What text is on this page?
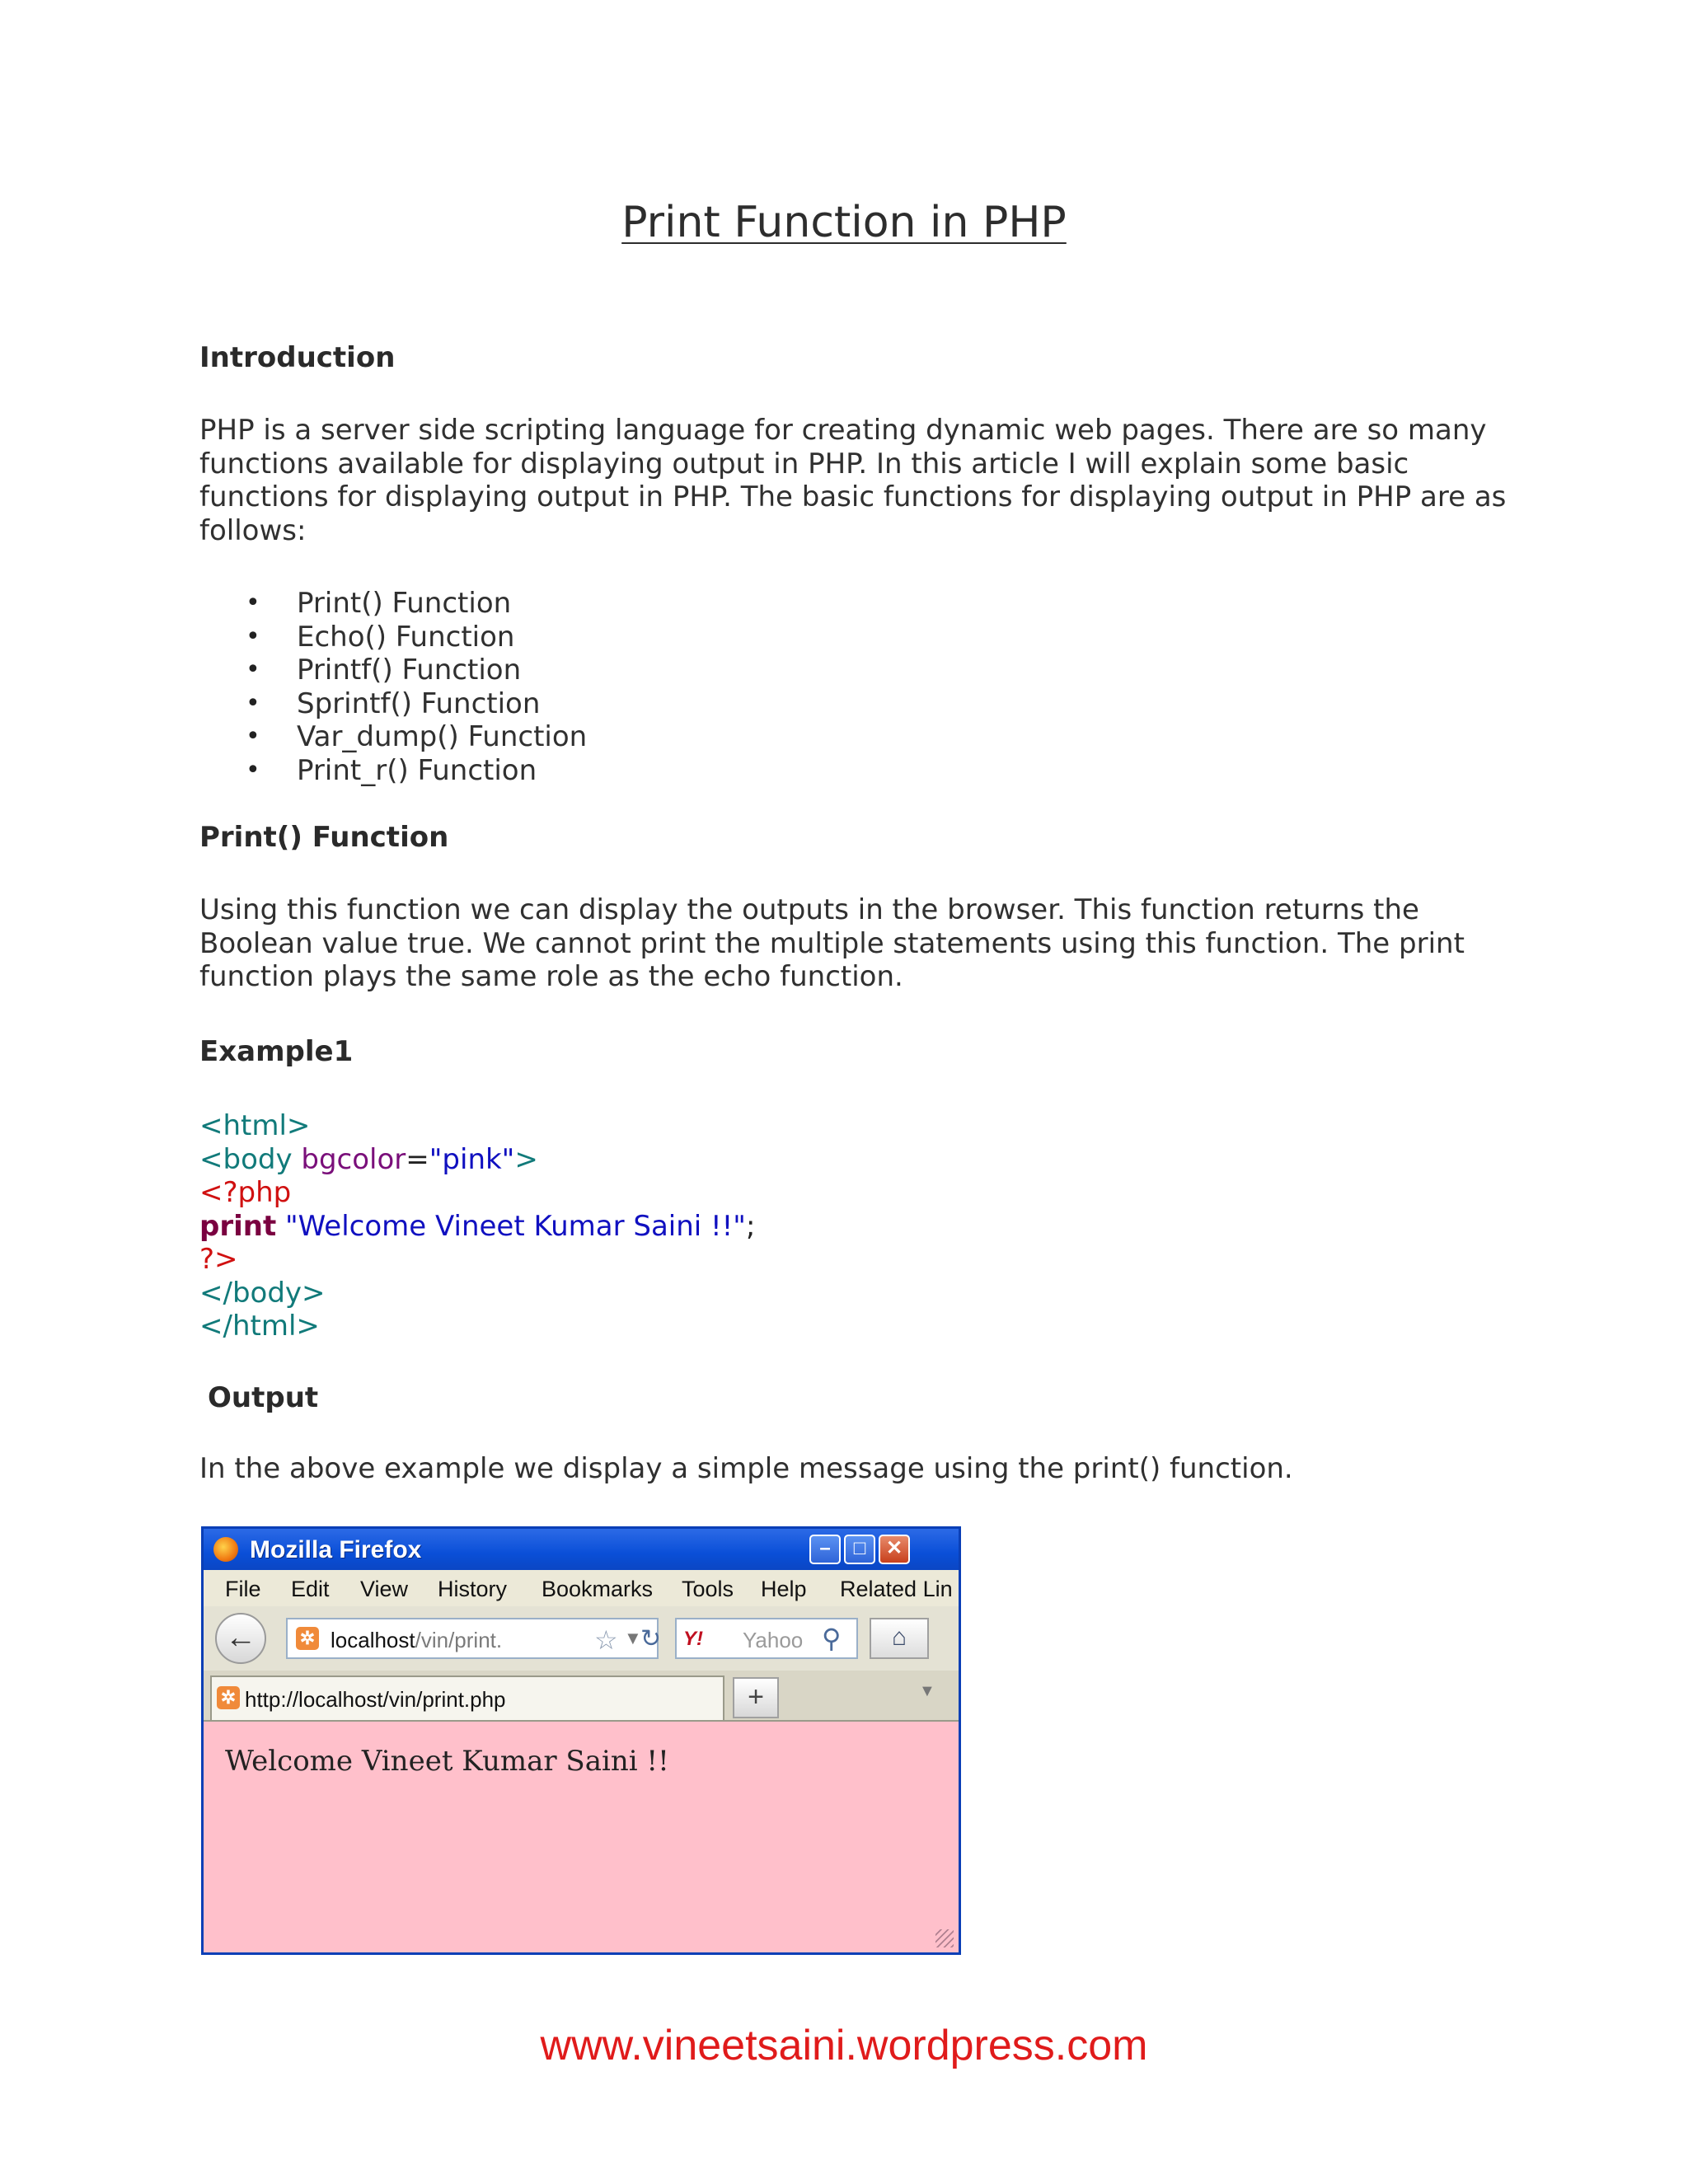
Print Function in PHP
Introduction

PHP is a server side scripting language for creating dynamic web pages. There are so many functions available for displaying output in PHP. In this article I will explain some basic functions for displaying output in PHP. The basic functions for displaying output in PHP are as follows:

• Print() Function
• Echo() Function
• Printf() Function
• Sprintf() Function
• Var_dump() Function
• Print_r() Function
Print() Function

Using this function we can display the outputs in the browser. This function returns the Boolean value true. We cannot print the multiple statements using this function. The print function plays the same role as the echo function.

Example1
<html>
<body bgcolor="pink">
<?php
print "Welcome Vineet Kumar Saini !!";
?>
</body>
</html>
Output

In the above example we display a simple message using the print() function.

Mozilla Firefox	–	□	✕
File Edit View History Bookmarks Tools Help Related Lin
←	✲ localhost/vin/print.	☆ ▼
↻ Y! Yahoo ⚲	⌂
✲ http://localhost/vin/print.php	+	▼
Welcome Vineet Kumar Saini !!

www.vineetsaini.wordpress.com
